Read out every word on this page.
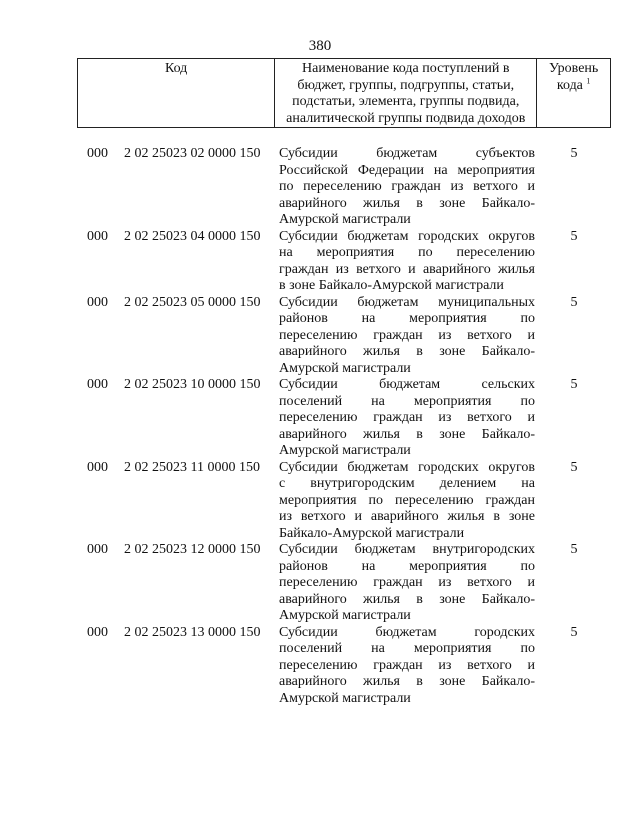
380
Код	Наименование кода поступлений в
бюджет, группы, подгруппы, статьи,
подстатьи, элемента, группы подвида,
аналитической группы подвида доходов
Уровень
кода $^1$
000 2 02 25023 02 0000 150 Субсидии бюджетам субъектов
Российской Федерации на мероприятия
по переселению граждан из ветхого и
аварийного жилья в зоне Байкало-
Амурской магистрали
5
000 2 02 25023 04 0000 150 Субсидии бюджетам городских округов
на мероприятия по переселению
граждан из ветхого и аварийного жилья
в зоне Байкало-Амурской магистрали
5
000 2 02 25023 05 0000 150 Субсидии бюджетам муниципальных
районов на мероприятия по
переселению граждан из ветхого и
аварийного жилья в зоне Байкало-
Амурской магистрали
5
000 2 02 25023 10 0000 150 Субсидии бюджетам сельских
поселений на мероприятия по
переселению граждан из ветхого и
аварийного жилья в зоне Байкало-
Амурской магистрали
5
000 2 02 25023 11 0000 150 Субсидии бюджетам городских округов
с внутригородским делением на
мероприятия по переселению граждан
из ветхого и аварийного жилья в зоне
Байкало-Амурской магистрали
5
000 2 02 25023 12 0000 150 Субсидии бюджетам внутригородских
районов на мероприятия по
переселению граждан из ветхого и
аварийного жилья в зоне Байкало-
Амурской магистрали
5
000 2 02 25023 13 0000 150 Субсидии бюджетам городских
поселений на мероприятия по
переселению граждан из ветхого и
аварийного жилья в зоне Байкало-
Амурской магистрали
5
